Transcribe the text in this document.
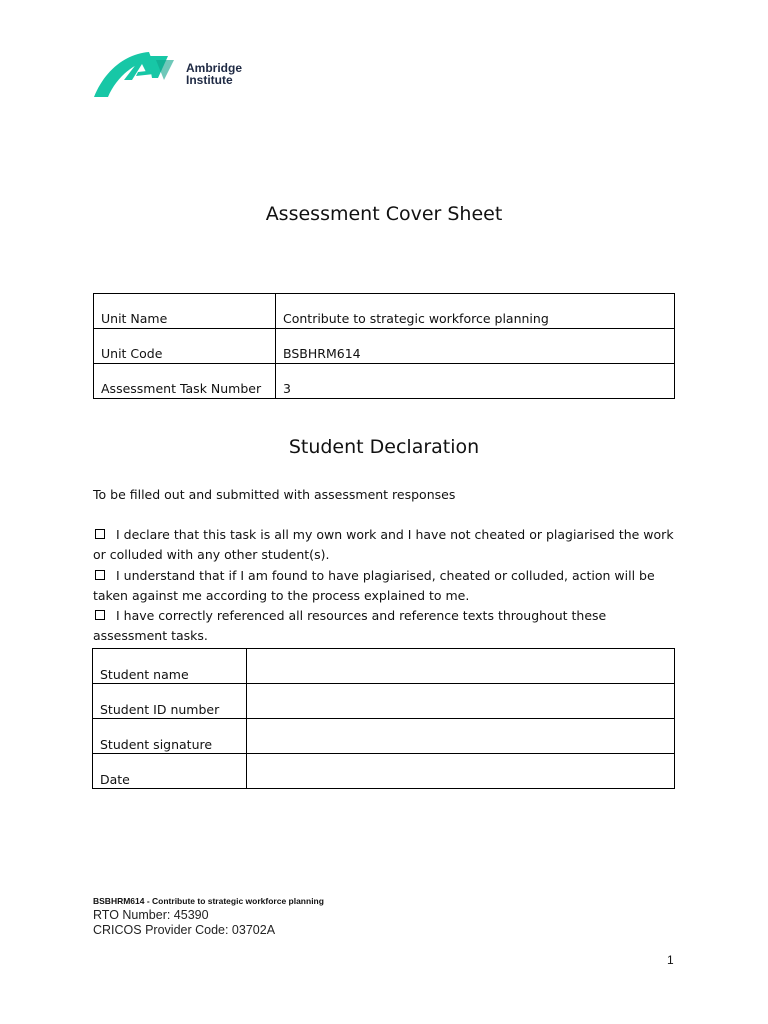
Ambridge
Institute
Assessment Cover Sheet
Unit Name	Contribute to strategic workforce planning
Unit Code	BSBHRM614
Assessment Task Number	3
Student Declaration
To be filled out and submitted with assessment responses
I declare that this task is all my own work and I have not cheated or plagiarised the work or colluded with any other student(s).
I understand that if I am found to have plagiarised, cheated or colluded, action will be taken against me according to the process explained to me.
I have correctly referenced all resources and reference texts throughout these assessment tasks.
Student name	
Student ID number	
Student signature	
Date	
BSBHRM614 - Contribute to strategic workforce planning
RTO Number: 45390
CRICOS Provider Code: 03702A
1
